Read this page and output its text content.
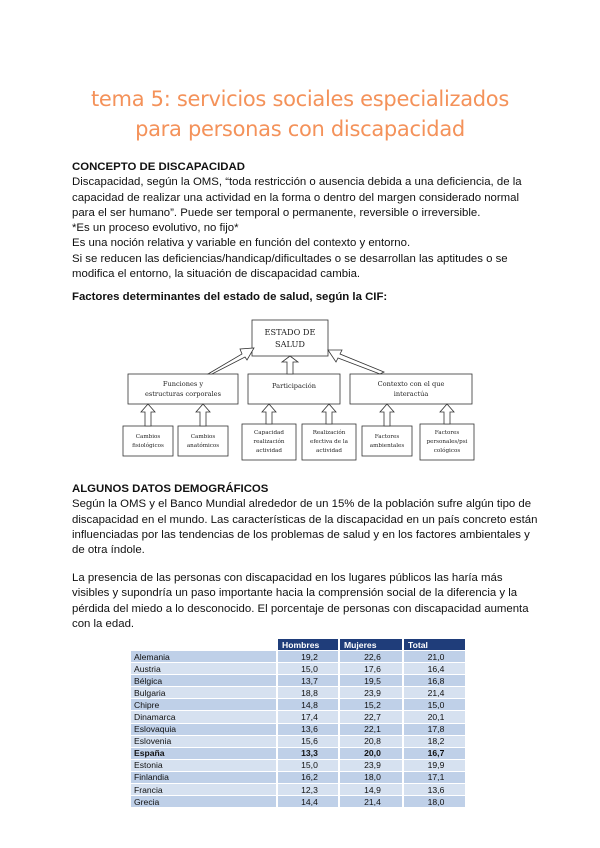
tema 5: servicios sociales especializados
para personas con discapacidad
CONCEPTO DE DISCAPACIDAD
Discapacidad, según la OMS, “toda restricción o ausencia debida a una deficiencia, de la
capacidad de realizar una actividad en la forma o dentro del margen considerado normal
para el ser humano”. Puede ser temporal o permanente, reversible o irreversible.
*Es un proceso evolutivo, no fijo*
Es una noción relativa y variable en función del contexto y entorno.
Si se reducen las deficiencias/handicap/dificultades o se desarrollan las aptitudes o se
modifica el entorno, la situación de discapacidad cambia.
Factores determinantes del estado de salud, según la CIF:
ESTADO DE
SALUD
Funciones y
estructuras corporales
Participación	Contexto con el que
interactúa
Cambios
fisiológicos
Cambios
anatómicos
Capacidad
realización
actividad
Realización
efectiva de la
actividad
Factores
ambientales
Factores
personales/psi
cológicos
ALGUNOS DATOS DEMOGRÁFICOS
Según la OMS y el Banco Mundial alrededor de un 15% de la población sufre algún tipo de
discapacidad en el mundo. Las características de la discapacidad en un país concreto están
influenciadas por las tendencias de los problemas de salud y en los factores ambientales y
de otra índole.
La presencia de las personas con discapacidad en los lugares públicos las haría más
visibles y supondría un paso importante hacia la comprensión social de la diferencia y la
pérdida del miedo a lo desconocido. El porcentaje de personas con discapacidad aumenta
con la edad.
	Hombres	Mujeres	Total
Alemania	19,2	22,6	21,0
Austria	15,0	17,6	16,4
Bélgica	13,7	19,5	16,8
Bulgaria	18,8	23,9	21,4
Chipre	14,8	15,2	15,0
Dinamarca	17,4	22,7	20,1
Eslovaquia	13,6	22,1	17,8
Eslovenia	15,6	20,8	18,2
España	13,3	20,0	16,7
Estonia	15,0	23,9	19,9
Finlandia	16,2	18,0	17,1
Francia	12,3	14,9	13,6
Grecia	14,4	21,4	18,0
